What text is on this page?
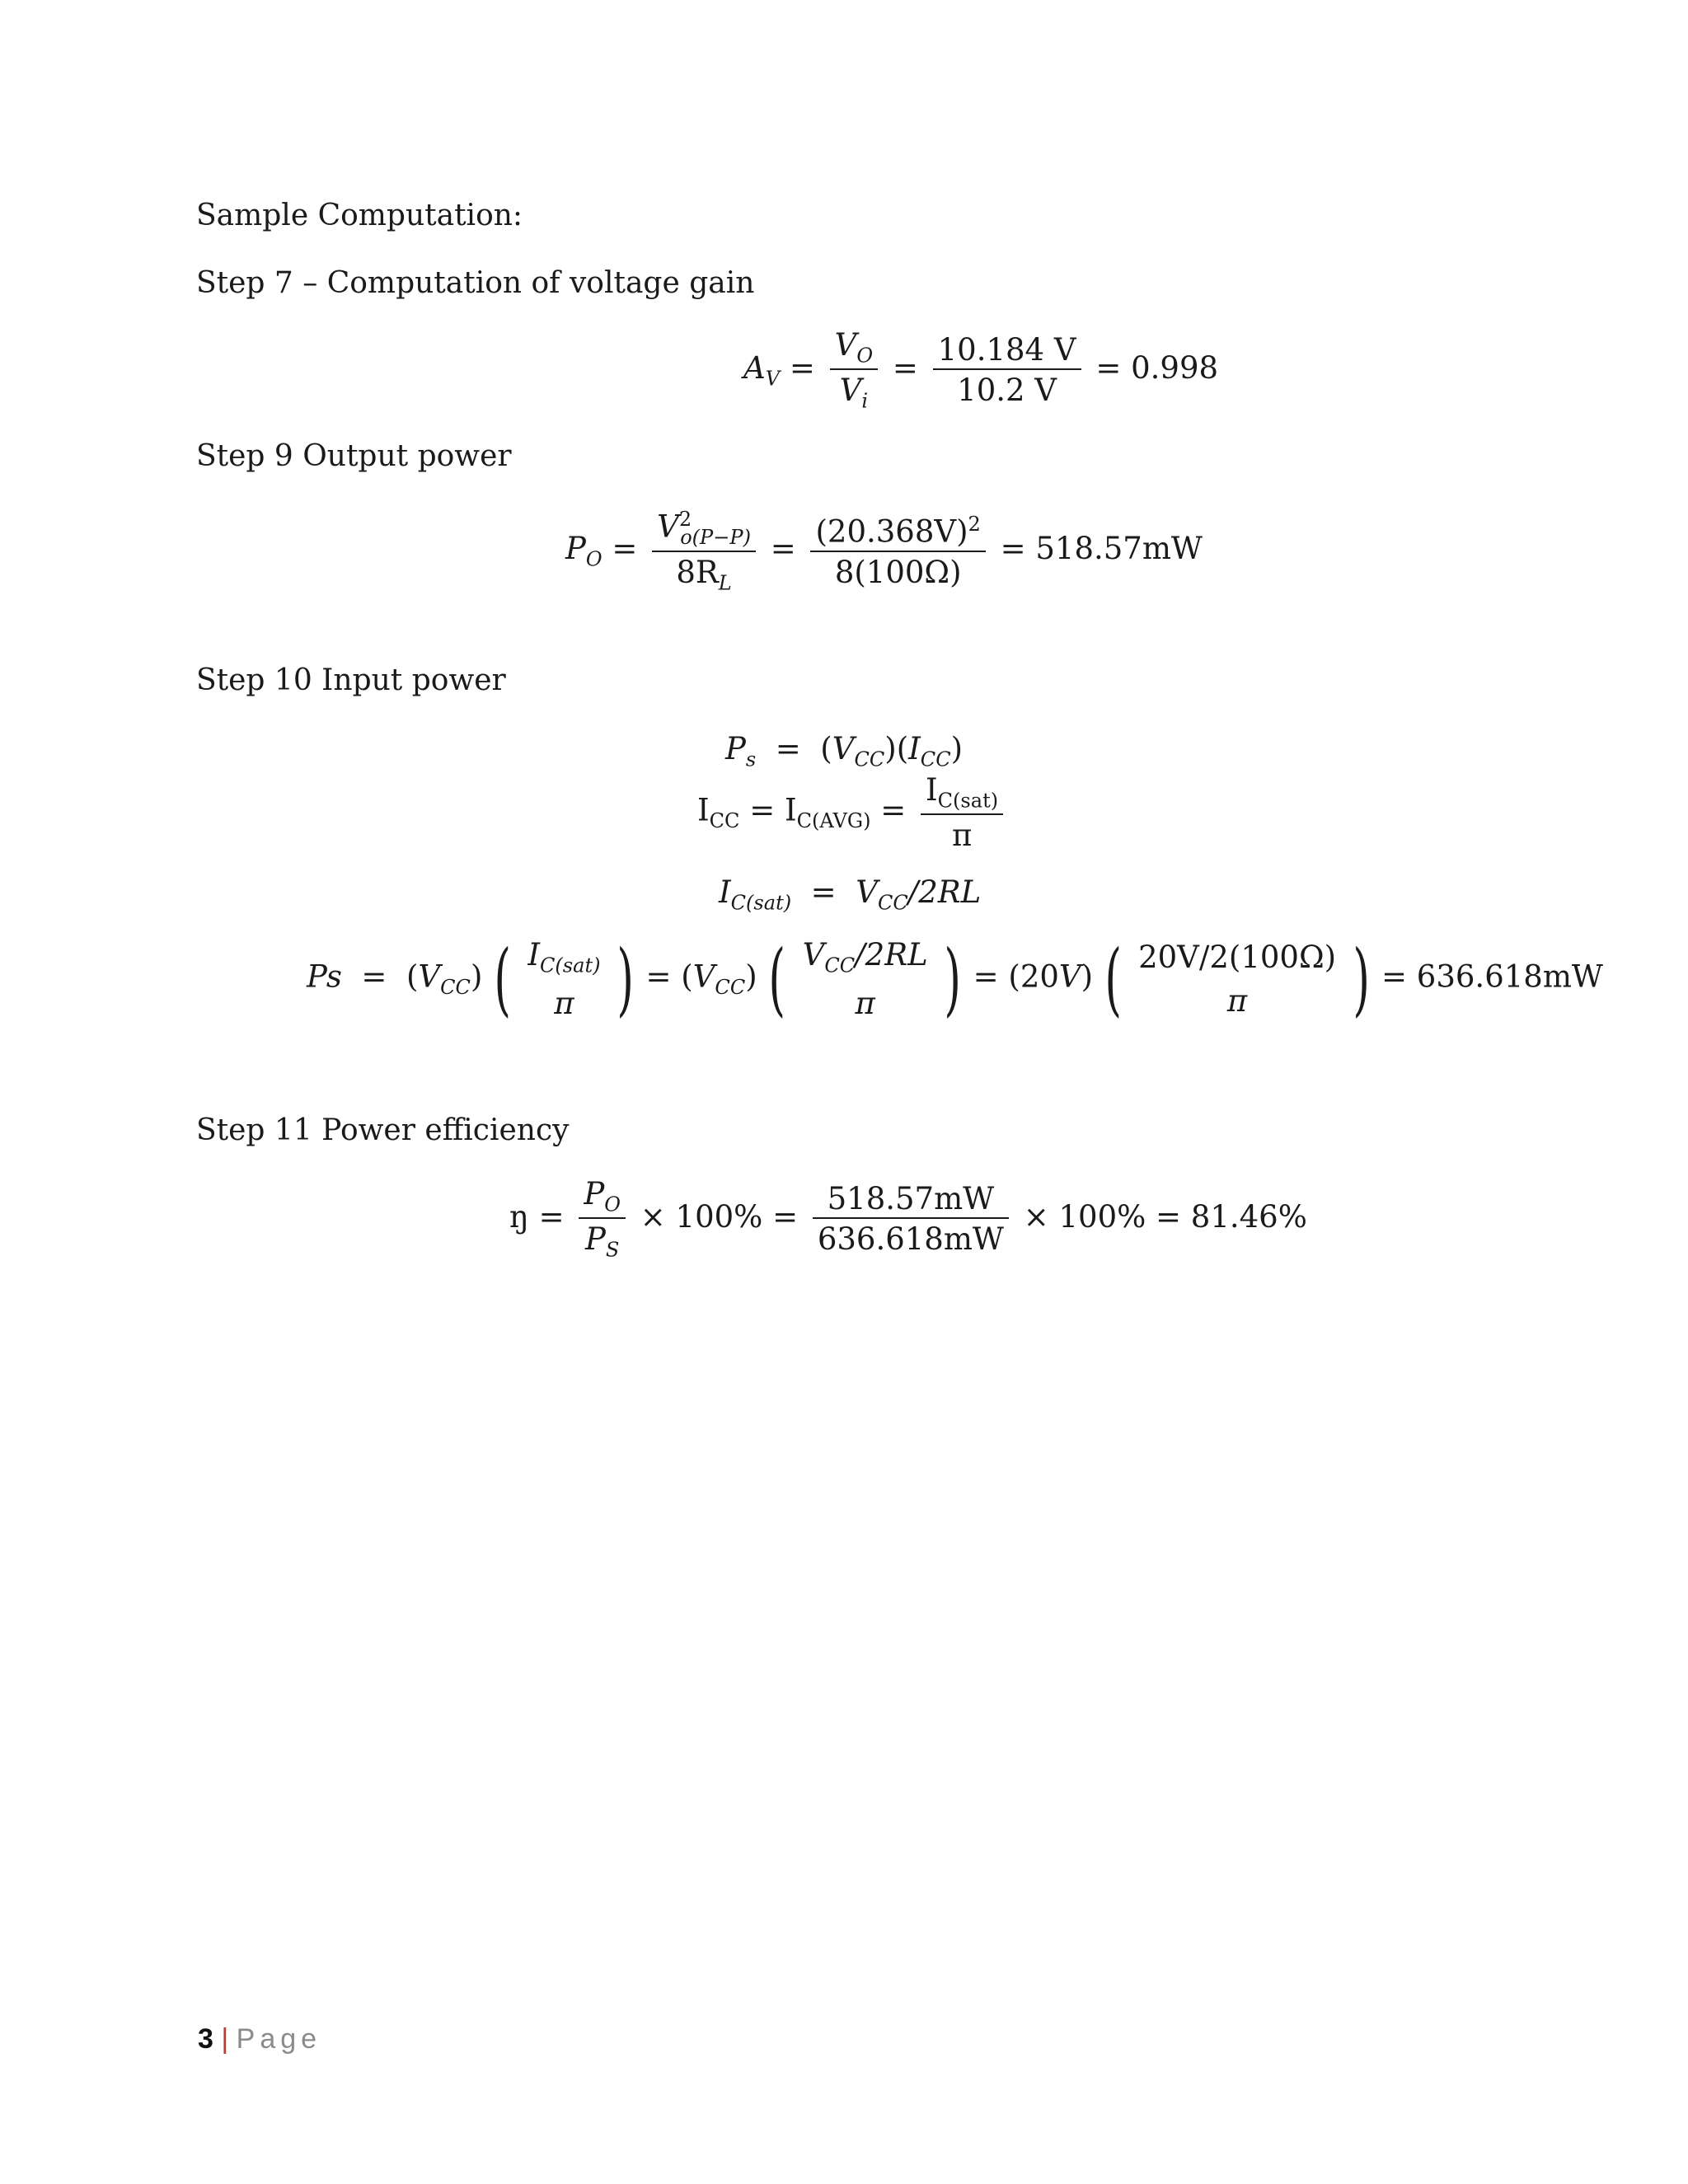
Sample Computation:
Step 7 – Computation of voltage gain
$A_V = \frac{V_O}{V_i} = \frac{10.184 V}{10.2 V} = 0.998$
Step 9 Output power
$P_O = \frac{V^2_{o(P-P)}}{8R_L} = \frac{(20.368V)^2}{8(100\Omega)} = 518.57mW$
Step 10 Input power
$P_s = (V_{CC})(I_{CC})$
$I_{CC} = I_{C(AVG)} = \frac{I_{C(sat)}}{\pi}$
$I_{C(sat)} = V_{CC}/2RL$
$Ps = (V_{CC})$ ( $I_{C(sat)}$
π ) = $(V_{CC})$ ( $V_{CC}/2RL$
π ) = (20V) ( 20V/2(100Ω)
π	) = 636.618mW
Step 11 Power efficiency
ŋ = $\frac{P_O}{P_S} \times 100\% = \frac{518.57mW}{636.618mW} \times 100\% = 81.46\%$
3 | Page
